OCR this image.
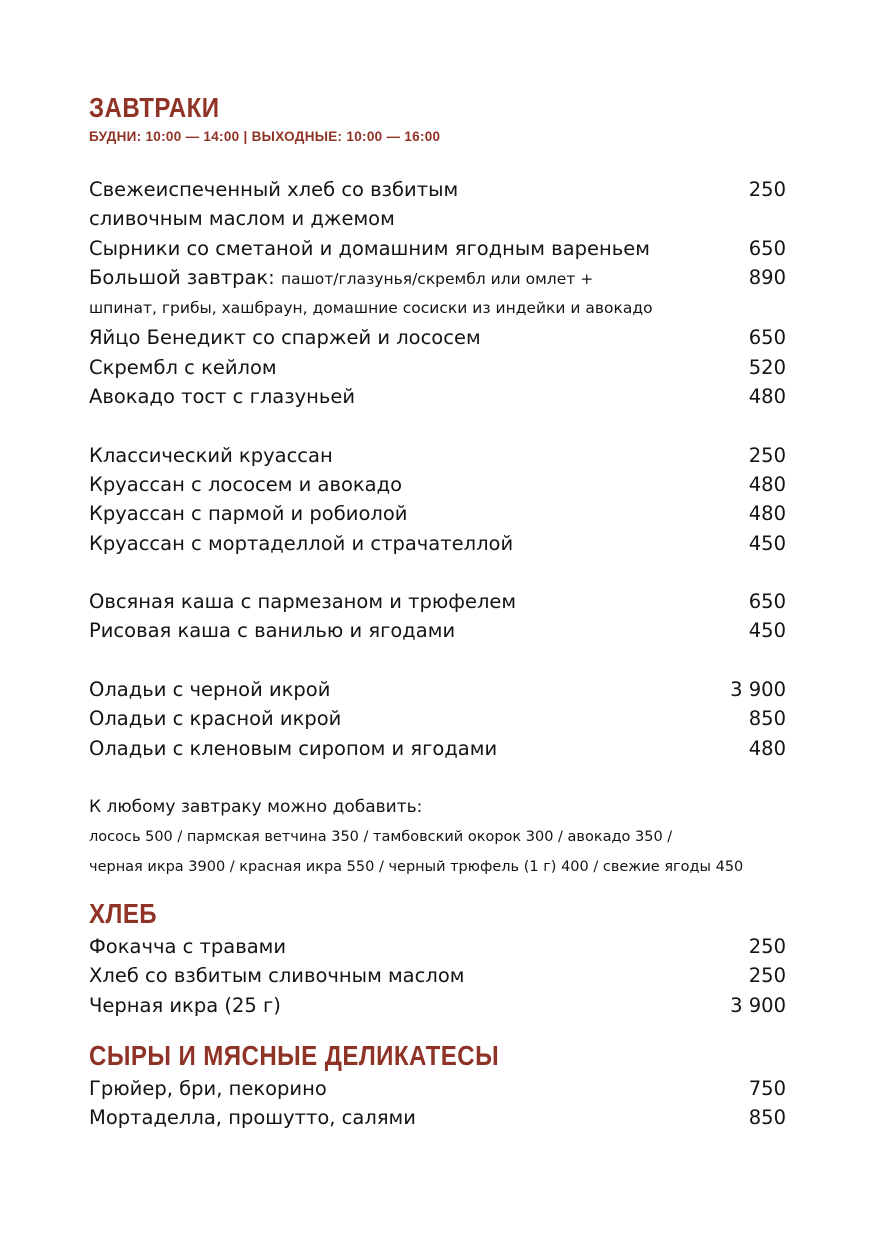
ЗАВТРАКИ
БУДНИ: 10:00 — 14:00 | ВЫХОДНЫЕ: 10:00 — 16:00
Свежеиспеченный хлеб со взбитым
сливочным маслом и джемом
250
Сырники со сметаной и домашним ягодным вареньем	650
Большой завтрак: пашот/глазунья/скрембл или омлет +
шпинат, грибы, хашбраун, домашние сосиски из индейки и авокадо
890
Яйцо Бенедикт со спаржей и лососем	650
Скрембл с кейлом	520
Авокадо тост с глазуньей	480
Классический круассан	250
Круассан с лососем и авокадо	480
Круассан с пармой и робиолой	480
Круассан с мортаделлой и страчателлой	450
Овсяная каша с пармезаном и трюфелем	650
Рисовая каша с ванилью и ягодами	450
Оладьи с черной икрой	3 900
Оладьи с красной икрой	850
Оладьи с кленовым сиропом и ягодами	480
К любому завтраку можно добавить:
лосось 500 / пармская ветчина 350 / тамбовский окорок 300 / авокадо 350 /
черная икра 3900 / красная икра 550 / черный трюфель (1 г) 400 / свежие ягоды 450
ХЛЕБ
Фокачча с травами	250
Хлеб со взбитым сливочным маслом	250
Черная икра (25 г)	3 900
СЫРЫ И МЯСНЫЕ ДЕЛИКАТЕСЫ
Грюйер, бри, пекорино	750
Мортаделла, прошутто, салями	850
